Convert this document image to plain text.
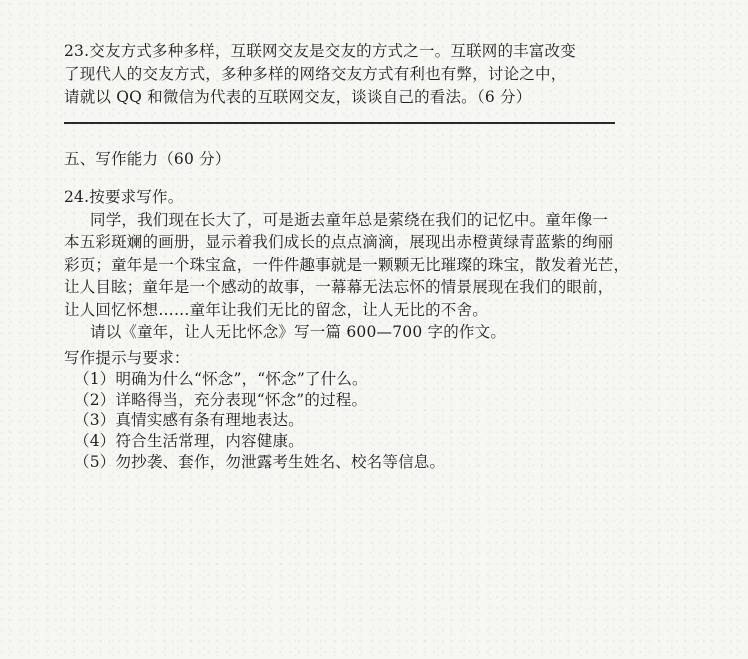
23.交友方式多种多样，互联网交友是交友的方式之一。互联网的丰富改变
了现代人的交友方式，多种多样的网络交友方式有利也有弊，讨论之中，
请就以 QQ 和微信为代表的互联网交友，谈谈自己的看法。（6 分）
五、写作能力（60 分）
24.按要求写作。
同学，我们现在长大了，可是逝去童年总是萦绕在我们的记忆中。童年像一
本五彩斑斓的画册，显示着我们成长的点点滴滴，展现出赤橙黄绿青蓝紫的绚丽
彩页；童年是一个珠宝盒，一件件趣事就是一颗颗无比璀璨的珠宝，散发着光芒，
让人目眩；童年是一个感动的故事，一幕幕无法忘怀的情景展现在我们的眼前，
让人回忆怀想……童年让我们无比的留念，让人无比的不舍。
请以《童年，让人无比怀念》写一篇 600—700 字的作文。
写作提示与要求：
（1）明确为什么“怀念”，“怀念”了什么。
（2）详略得当，充分表现“怀念”的过程。
（3）真情实感有条有理地表达。
（4）符合生活常理，内容健康。
（5）勿抄袭、套作，勿泄露考生姓名、校名等信息。
